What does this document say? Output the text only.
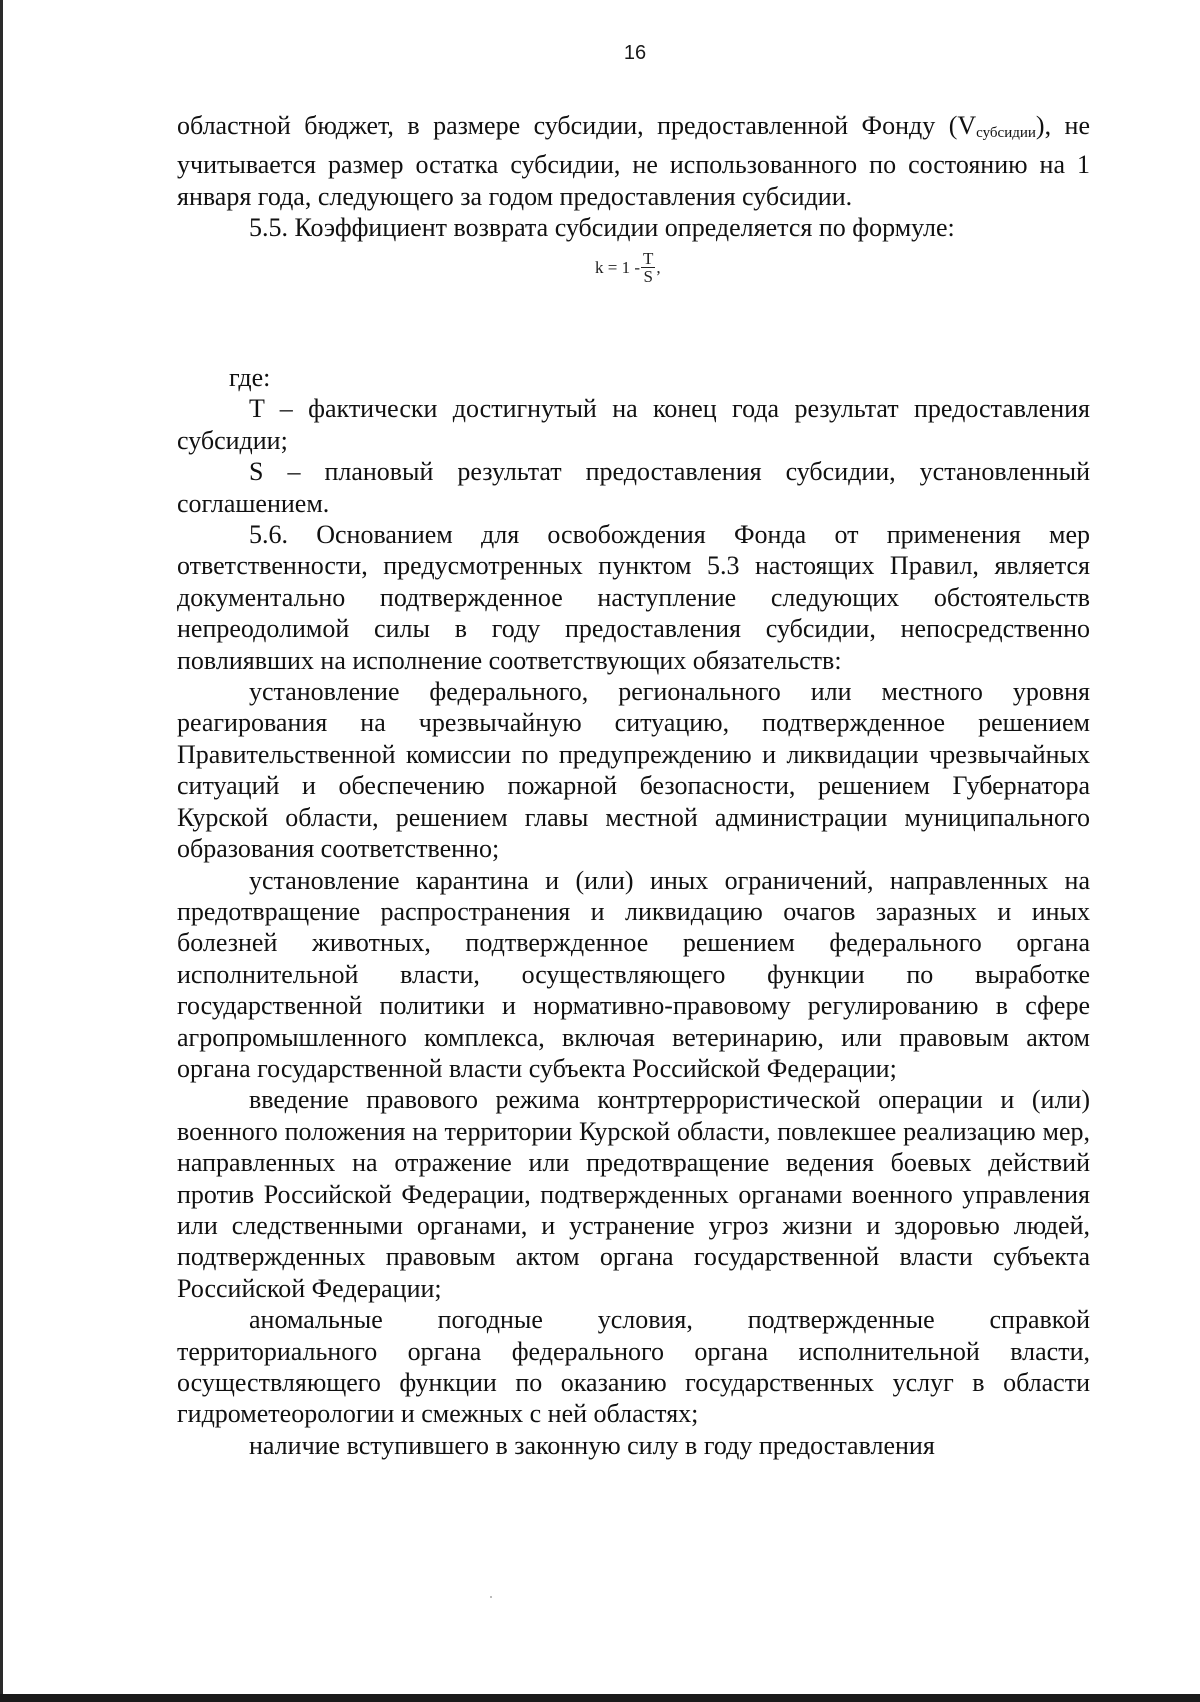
16

областной бюджет, в размере субсидии, предоставленной Фонду $(V_{субсидии})$, не учитывается размер остатка субсидии, не использованного по состоянию на 1 января года, следующего за годом предоставления субсидии.

5.5. Коэффициент возврата субсидии определяется по формуле:

$k = 1 - \frac{T}{S}$ ,

где:

T – фактически достигнутый на конец года результат предоставления субсидии;

S – плановый результат предоставления субсидии, установленный соглашением.

5.6. Основанием для освобождения Фонда от применения мер ответственности, предусмотренных пунктом 5.3 настоящих Правил, является документально подтвержденное наступление следующих обстоятельств непреодолимой силы в году предоставления субсидии, непосредственно повлиявших на исполнение соответствующих обязательств:

установление федерального, регионального или местного уровня реагирования на чрезвычайную ситуацию, подтвержденное решением Правительственной комиссии по предупреждению и ликвидации чрезвычайных ситуаций и обеспечению пожарной безопасности, решением Губернатора Курской области, решением главы местной администрации муниципального образования соответственно;

установление карантина и (или) иных ограничений, направленных на предотвращение распространения и ликвидацию очагов заразных и иных болезней животных, подтвержденное решением федерального органа исполнительной власти, осуществляющего функции по выработке государственной политики и нормативно-правовому регулированию в сфере агропромышленного комплекса, включая ветеринарию, или правовым актом органа государственной власти субъекта Российской Федерации;

введение правового режима контртеррористической операции и (или) военного положения на территории Курской области, повлекшее реализацию мер, направленных на отражение или предотвращение ведения боевых действий против Российской Федерации, подтвержденных органами военного управления или следственными органами, и устранение угроз жизни и здоровью людей, подтвержденных правовым актом органа государственной власти субъекта Российской Федерации;

аномальные погодные условия, подтвержденные справкой территориального органа федерального органа исполнительной власти, осуществляющего функции по оказанию государственных услуг в области гидрометеорологии и смежных с ней областях;

наличие вступившего в законную силу в году предоставления
